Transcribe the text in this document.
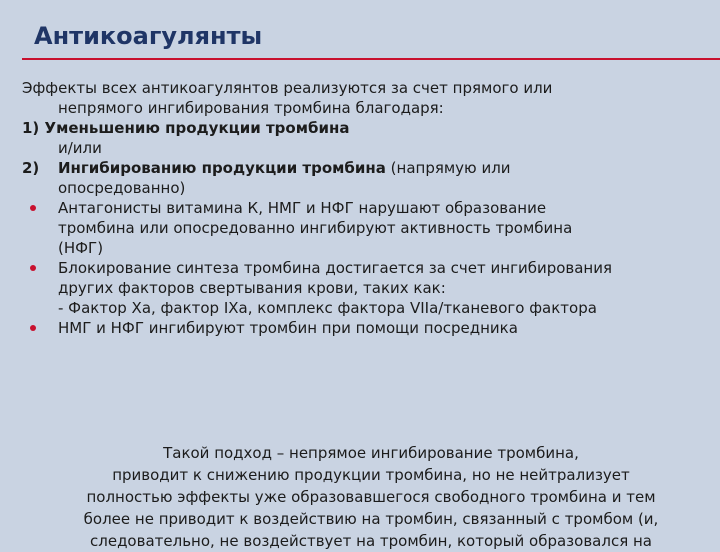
Антикоагулянты
Эффекты всех антикоагулянтов реализуются за счет прямого или
непрямого ингибирования тромбина благодаря:
1) Уменьшению продукции тромбина
и/или
2) Ингибированию продукции тромбина (напрямую или
опосредованно)
Антагонисты витамина К, НМГ и НФГ нарушают образование
тромбина или опосредованно ингибируют активность тромбина
(НФГ)
Блокирование синтеза тромбина достигается за счет ингибирования
других факторов свертывания крови, таких как:
- Фактор Xa, фактор IXa, комплекс фактора VIIa/тканевого фактора
НМГ и НФГ ингибируют тромбин при помощи посредника
Такой подход – непрямое ингибирование тромбина,
приводит к снижению продукции тромбина, но не нейтрализует
полностью эффекты уже образовавшегося свободного тромбина и тем
более не приводит к воздействию на тромбин, связанный с тромбом (и,
следовательно, не воздействует на тромбин, который образовался на
